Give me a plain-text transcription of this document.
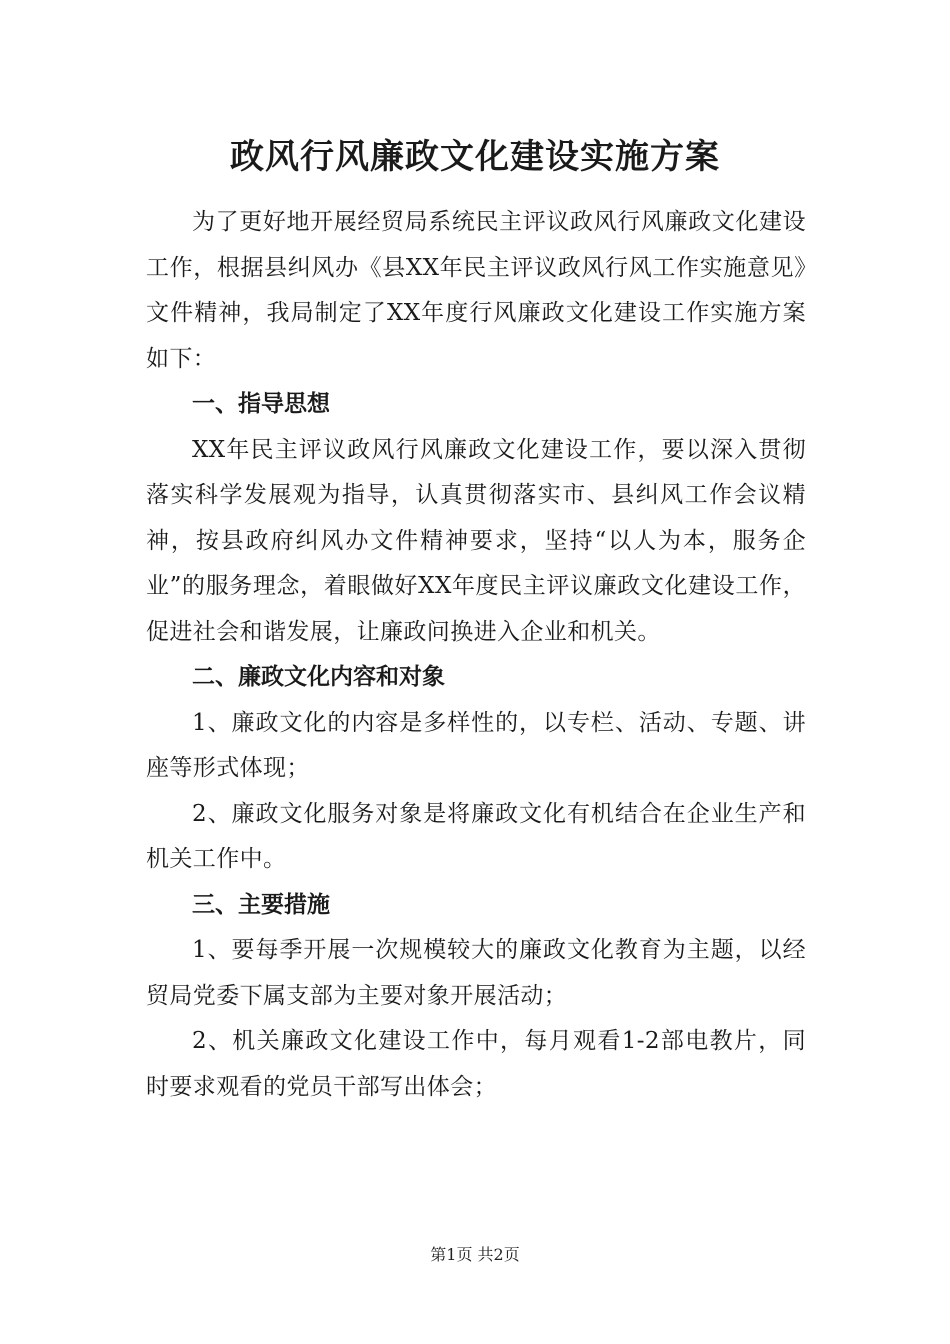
政风行风廉政文化建设实施方案

为了更好地开展经贸局系统民主评议政风行风廉政文化建设工作，根据县纠风办《县XX年民主评议政风行风工作实施意见》文件精神，我局制定了XX年度行风廉政文化建设工作实施方案如下：

一、指导思想

XX年民主评议政风行风廉政文化建设工作，要以深入贯彻落实科学发展观为指导，认真贯彻落实市、县纠风工作会议精神，按县政府纠风办文件精神要求，坚持“以人为本，服务企业”的服务理念，着眼做好XX年度民主评议廉政文化建设工作，促进社会和谐发展，让廉政问换进入企业和机关。

二、廉政文化内容和对象

1、廉政文化的内容是多样性的，以专栏、活动、专题、讲座等形式体现；

2、廉政文化服务对象是将廉政文化有机结合在企业生产和机关工作中。

三、主要措施

1、要每季开展一次规模较大的廉政文化教育为主题，以经贸局党委下属支部为主要对象开展活动；

2、机关廉政文化建设工作中，每月观看1-2部电教片，同时要求观看的党员干部写出体会；

第1页 共2页
